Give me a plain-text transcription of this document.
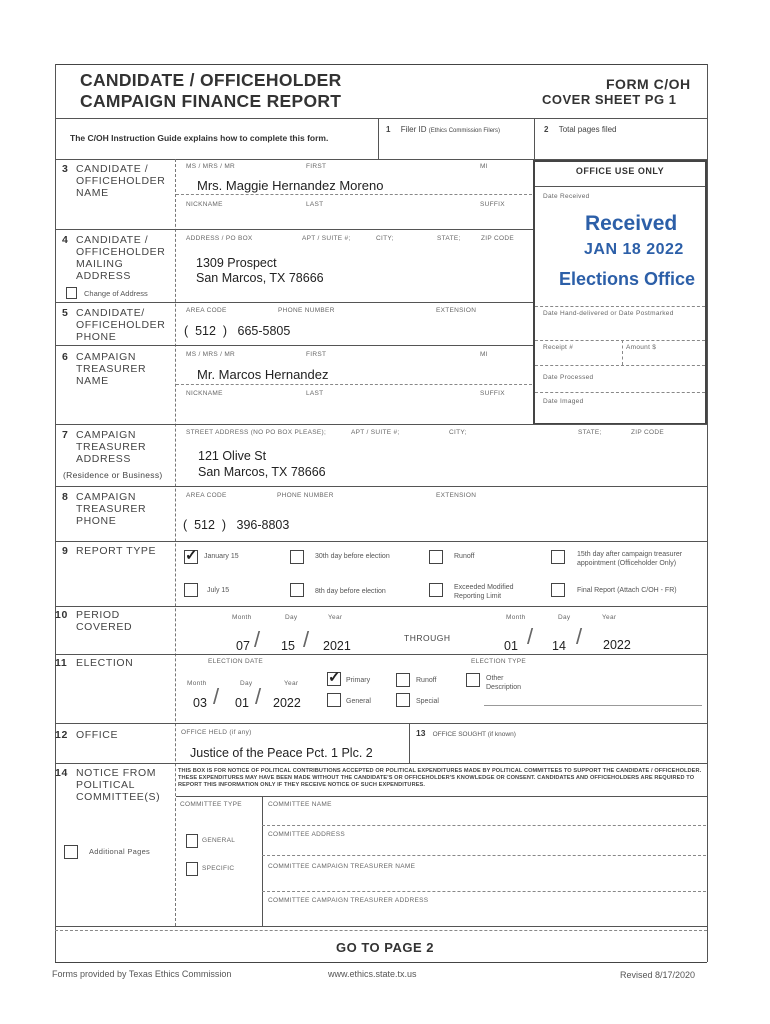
CANDIDATE / OFFICEHOLDER
CAMPAIGN FINANCE REPORT
FORM C/OH
COVER SHEET PG 1
The C/OH Instruction Guide explains how to complete this form.
1 Filer ID (Ethics Commission Filers)	2 Total pages filed
OFFICE USE ONLY
Date Received
Received
JAN 18 2022
Elections Office
Date Hand-delivered or Date Postmarked
Receipt #	Amount $
Date Processed
Date Imaged
3 CANDIDATE /
OFFICEHOLDER
NAME
MS / MRS / MR	FIRST	MI
Mrs. Maggie Hernandez Moreno
NICKNAME	LAST	SUFFIX
4 CANDIDATE /
OFFICEHOLDER
MAILING
ADDRESS
Change of Address
ADDRESS / PO BOX	APT / SUITE #;	CITY;	STATE;	ZIP CODE
1309 Prospect
San Marcos, TX 78666
5 CANDIDATE/
OFFICEHOLDER
PHONE
AREA CODE	PHONE NUMBER	EXTENSION
(  512  )   665-5805
6 CAMPAIGN
TREASURER
NAME
MS / MRS / MR	FIRST	MI
Mr. Marcos Hernandez
NICKNAME	LAST	SUFFIX
7 CAMPAIGN
TREASURER
ADDRESS
(Residence or Business)
STREET ADDRESS (NO PO BOX PLEASE);	APT / SUITE #;	CITY;	STATE;	ZIP CODE
121 Olive St
San Marcos, TX 78666
8 CAMPAIGN
TREASURER
PHONE
AREA CODE	PHONE NUMBER	EXTENSION
(  512  )   396-8803
9 REPORT TYPE
✓	January 15	30th day before election	Runoff	15th day after campaign treasurer appointment (Officeholder Only)
July 15	8th day before election
Exceeded Modified Reporting Limit
Final Report (Attach C/OH - FR)
10 PERIOD
COVERED
Month	Day	Year
07 / 15 / 2021
THROUGH
Month	Day	Year
01 / 14 / 2022
11 ELECTION	ELECTION DATE	ELECTION TYPE
Month	Day	Year
03 / 01 / 2022
✓
Primary	Runoff	Other Description
General	Special
12 OFFICE	OFFICE HELD (if any)
Justice of the Peace Pct. 1 Plc. 2
13 OFFICE SOUGHT (if known)
14 NOTICE FROM
POLITICAL
COMMITTEE(S)
THIS BOX IS FOR NOTICE OF POLITICAL CONTRIBUTIONS ACCEPTED OR POLITICAL EXPENDITURES MADE BY POLITICAL COMMITTEES TO SUPPORT THE CANDIDATE / OFFICEHOLDER. THESE EXPENDITURES MAY HAVE BEEN MADE WITHOUT THE CANDIDATE'S OR OFFICEHOLDER'S KNOWLEDGE OR CONSENT. CANDIDATES AND OFFICEHOLDERS ARE REQUIRED TO REPORT THIS INFORMATION ONLY IF THEY RECEIVE NOTICE OF SUCH EXPENDITURES.
COMMITTEE TYPE	COMMITTEE NAME
GENERAL
COMMITTEE ADDRESS
Additional Pages
SPECIFIC	COMMITTEE CAMPAIGN TREASURER NAME
COMMITTEE CAMPAIGN TREASURER ADDRESS
GO TO PAGE 2
Forms provided by Texas Ethics Commission	www.ethics.state.tx.us	Revised 8/17/2020
